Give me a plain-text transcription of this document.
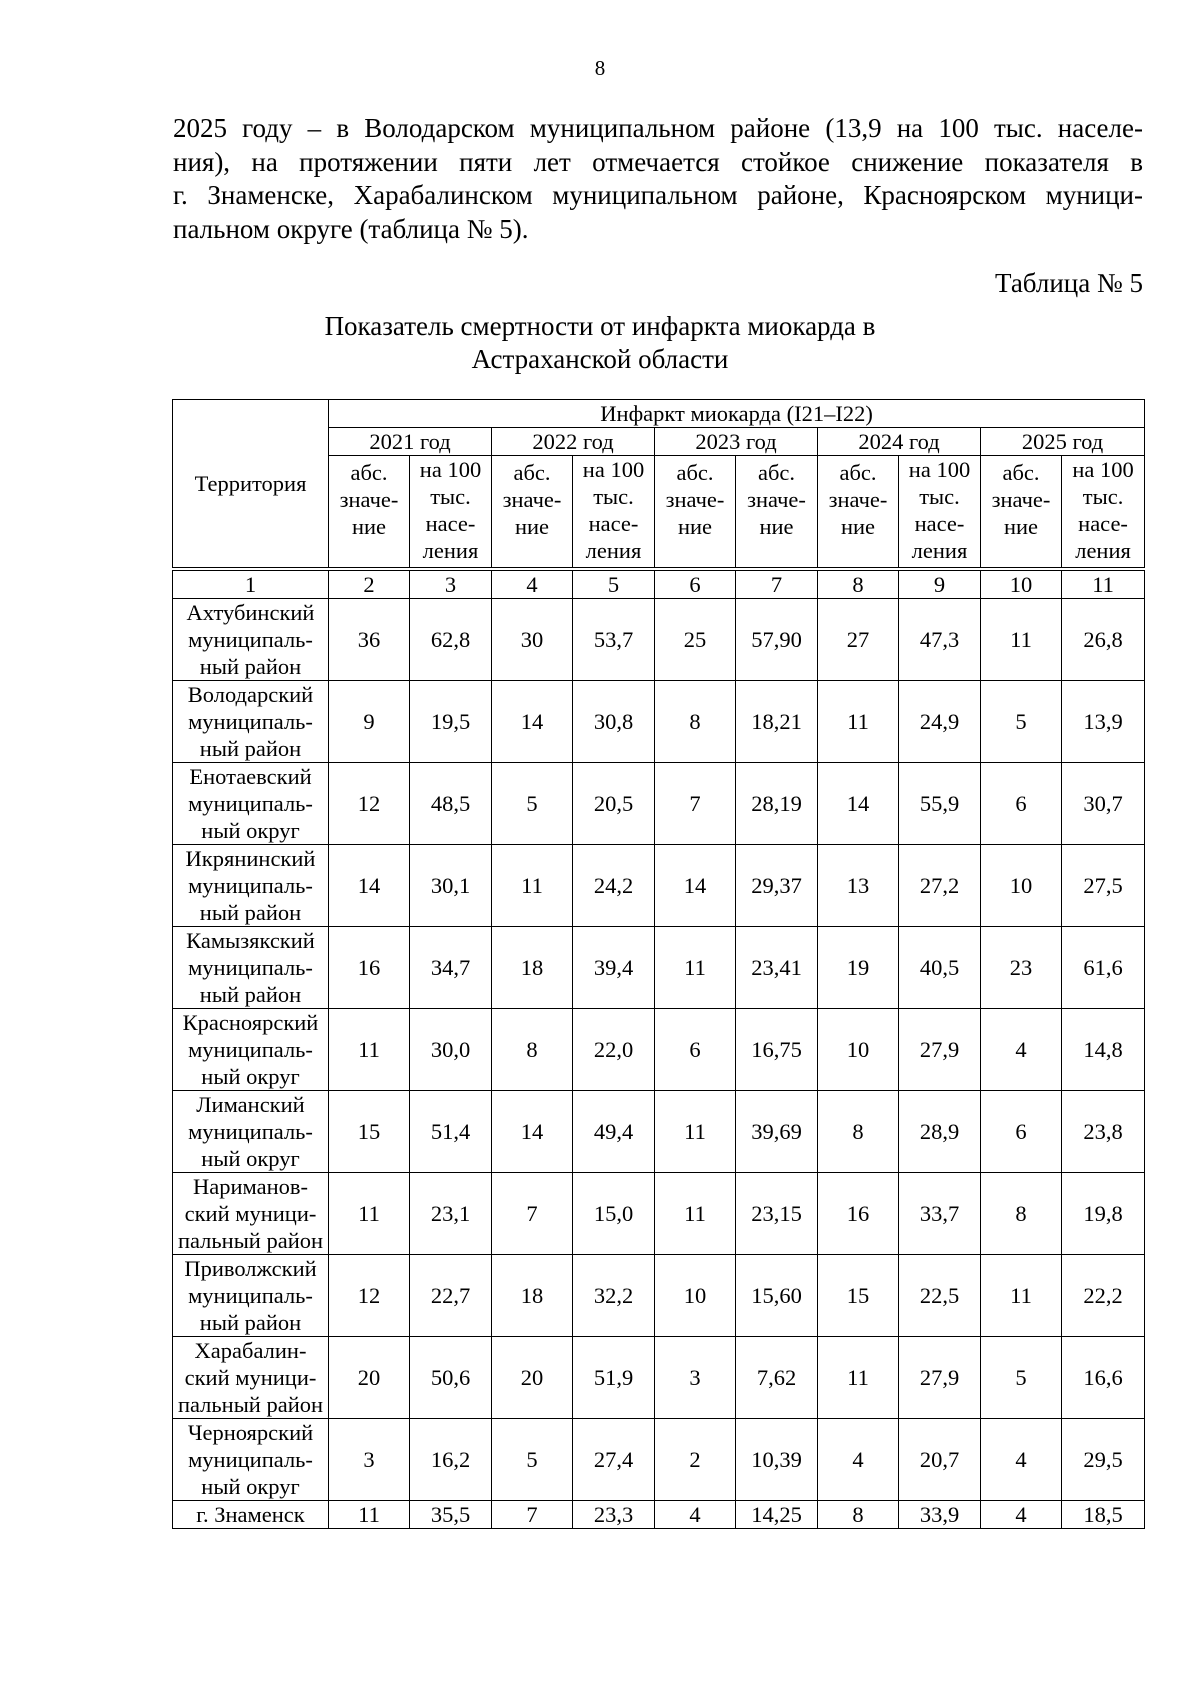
8
2025 году – в Володарском муниципальном районе (13,9 на 100 тыс. населе-
ния), на протяжении пяти лет отмечается стойкое снижение показателя в
г. Знаменске, Харабалинском муниципальном районе, Красноярском муници-
пальном округе (таблица № 5).
Таблица № 5
Показатель смертности от инфаркта миокарда в
Астраханской области
Территория	Инфаркт миокарда (I21–I22)									
	2021 год		2022 год		2023 год		2024 год		2025 год	

	абс.
значе-
ние	на 100
тыс.
насе-
ления	абс.
значе-
ние	на 100
тыс.
насе-
ления	абс.
значе-
ние	абс.
значе-
ние	абс.
значе-
ние	на 100
тыс.
насе-
ления	абс.
значе-
ние	на 100
тыс.
насе-
ления

1	2	3	4	5	6	7	8	9	10	11

Ахтубинский
муниципаль-
ный район	36	62,8	30	53,7	25	57,90	27	47,3	11	26,8

Володарский
муниципаль-
ный район	9	19,5	14	30,8	8	18,21	11	24,9	5	13,9

Енотаевский
муниципаль-
ный округ	12	48,5	5	20,5	7	28,19	14	55,9	6	30,7

Икрянинский
муниципаль-
ный район	14	30,1	11	24,2	14	29,37	13	27,2	10	27,5

Камызякский
муниципаль-
ный район	16	34,7	18	39,4	11	23,41	19	40,5	23	61,6

Красноярский
муниципаль-
ный округ	11	30,0	8	22,0	6	16,75	10	27,9	4	14,8

Лиманский
муниципаль-
ный округ	15	51,4	14	49,4	11	39,69	8	28,9	6	23,8

Нариманов-
ский муници-
пальный район	11	23,1	7	15,0	11	23,15	16	33,7	8	19,8

Приволжский
муниципаль-
ный район	12	22,7	18	32,2	10	15,60	15	22,5	11	22,2

Харабалин-
ский муници-
пальный район	20	50,6	20	51,9	3	7,62	11	27,9	5	16,6

Черноярский
муниципаль-
ный округ	3	16,2	5	27,4	2	10,39	4	20,7	4	29,5

г. Знаменск	11	35,5	7	23,3	4	14,25	8	33,9	4	18,5
